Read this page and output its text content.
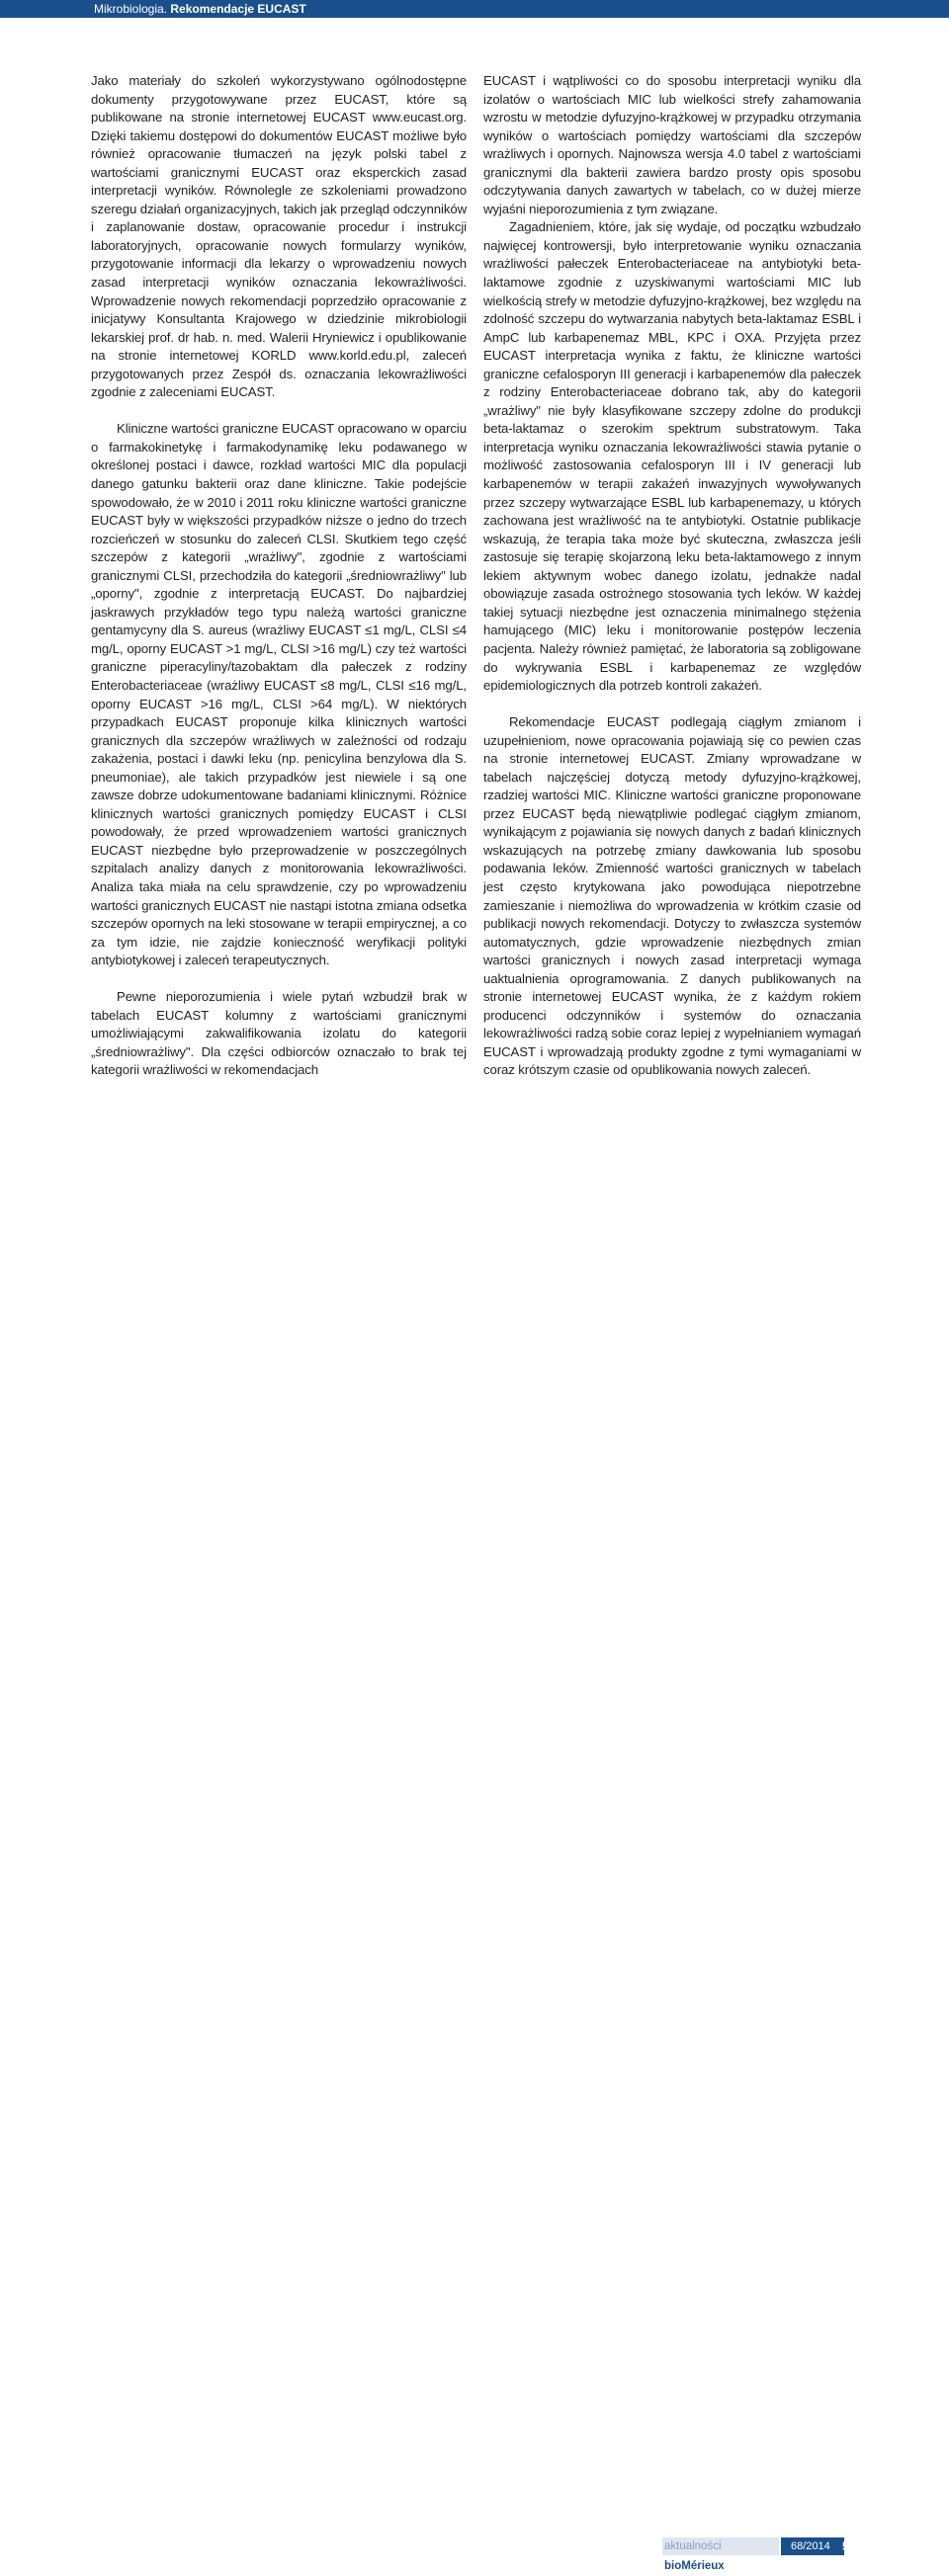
Mikrobiologia. Rekomendacje EUCAST

Jako materiały do szkoleń wykorzystywano ogólnodostępne dokumenty przygotowywane przez EUCAST, które są publikowane na stronie internetowej EUCAST www.eucast.org. Dzięki takiemu dostępowi do dokumentów EUCAST możliwe było również opracowanie tłumaczeń na język polski tabel z wartościami granicznymi EUCAST oraz eksperckich zasad interpretacji wyników. Równolegle ze szkoleniami prowadzono szeregu działań organizacyjnych, takich jak przegląd odczynników i zaplanowanie dostaw, opracowanie procedur i instrukcji laboratoryjnych, opracowanie nowych formularzy wyników, przygotowanie informacji dla lekarzy o wprowadzeniu nowych zasad interpretacji wyników oznaczania lekowrażliwości. Wprowadzenie nowych rekomendacji poprzedziło opracowanie z inicjatywy Konsultanta Krajowego w dziedzinie mikrobiologii lekarskiej prof. dr hab. n. med. Walerii Hryniewicz i opublikowanie na stronie internetowej KORLD www.korld.edu.pl, zaleceń przygotowanych przez Zespół ds. oznaczania lekowrażliwości zgodnie z zaleceniami EUCAST.

Kliniczne wartości graniczne EUCAST opracowano w oparciu o farmakokinetykę i farmakodynamikę leku podawanego w określonej postaci i dawce, rozkład wartości MIC dla populacji danego gatunku bakterii oraz dane kliniczne. Takie podejście spowodowało, że w 2010 i 2011 roku kliniczne wartości graniczne EUCAST były w większości przypadków niższe o jedno do trzech rozcieńczeń w stosunku do zaleceń CLSI. Skutkiem tego część szczepów z kategorii „wrażliwy", zgodnie z wartościami granicznymi CLSI, przechodziła do kategorii „średniowrażliwy" lub „oporny", zgodnie z interpretacją EUCAST. Do najbardziej jaskrawych przykładów tego typu należą wartości graniczne gentamycyny dla S. aureus (wrażliwy EUCAST ≤1 mg/L, CLSI ≤4 mg/L, oporny EUCAST >1 mg/L, CLSI >16 mg/L) czy też wartości graniczne piperacyliny/tazobaktam dla pałeczek z rodziny Enterobacteriaceae (wrażliwy EUCAST ≤8 mg/L, CLSI ≤16 mg/L, oporny EUCAST >16 mg/L, CLSI >64 mg/L). W niektórych przypadkach EUCAST proponuje kilka klinicznych wartości granicznych dla szczepów wrażliwych w zależności od rodzaju zakażenia, postaci i dawki leku (np. penicylina benzylowa dla S. pneumoniae), ale takich przypadków jest niewiele i są one zawsze dobrze udokumentowane badaniami klinicznymi. Różnice klinicznych wartości granicznych pomiędzy EUCAST i CLSI powodowały, że przed wprowadzeniem wartości granicznych EUCAST niezbędne było przeprowadzenie w poszczególnych szpitalach analizy danych z monitorowania lekowrażliwości. Analiza taka miała na celu sprawdzenie, czy po wprowadzeniu wartości granicznych EUCAST nie nastąpi istotna zmiana odsetka szczepów opornych na leki stosowane w terapii empirycznej, a co za tym idzie, nie zajdzie konieczność weryfikacji polityki antybiotykowej i zaleceń terapeutycznych.

Pewne nieporozumienia i wiele pytań wzbudził brak w tabelach EUCAST kolumny z wartościami granicznymi umożliwiającymi zakwalifikowania izolatu do kategorii „średniowrażliwy". Dla części odbiorców oznaczało to brak tej kategorii wrażliwości w rekomendacjach

EUCAST i wątpliwości co do sposobu interpretacji wyniku dla izolatów o wartościach MIC lub wielkości strefy zahamowania wzrostu w metodzie dyfuzyjno-krążkowej w przypadku otrzymania wyników o wartościach pomiędzy wartościami dla szczepów wrażliwych i opornych. Najnowsza wersja 4.0 tabel z wartościami granicznymi dla bakterii zawiera bardzo prosty opis sposobu odczytywania danych zawartych w tabelach, co w dużej mierze wyjaśni nieporozumienia z tym związane.

Zagadnieniem, które, jak się wydaje, od początku wzbudzało najwięcej kontrowersji, było interpretowanie wyniku oznaczania wrażliwości pałeczek Enterobacteriaceae na antybiotyki beta-laktamowe zgodnie z uzyskiwanymi wartościami MIC lub wielkością strefy w metodzie dyfuzyjno-krążkowej, bez względu na zdolność szczepu do wytwarzania nabytych beta-laktamaz ESBL i AmpC lub karbapenemaz MBL, KPC i OXA. Przyjęta przez EUCAST interpretacja wynika z faktu, że kliniczne wartości graniczne cefalosporyn III generacji i karbapenemów dla pałeczek z rodziny Enterobacteriaceae dobrano tak, aby do kategorii „wrażliwy" nie były klasyfikowane szczepy zdolne do produkcji beta-laktamaz o szerokim spektrum substratowym. Taka interpretacja wyniku oznaczania lekowrażliwości stawia pytanie o możliwość zastosowania cefalosporyn III i IV generacji lub karbapenemów w terapii zakażeń inwazyjnych wywoływanych przez szczepy wytwarzające ESBL lub karbapenemazy, u których zachowana jest wrażliwość na te antybiotyki. Ostatnie publikacje wskazują, że terapia taka może być skuteczna, zwłaszcza jeśli zastosuje się terapię skojarzoną leku beta-laktamowego z innym lekiem aktywnym wobec danego izolatu, jednakże nadal obowiązuje zasada ostrożnego stosowania tych leków. W każdej takiej sytuacji niezbędne jest oznaczenia minimalnego stężenia hamującego (MIC) leku i monitorowanie postępów leczenia pacjenta. Należy również pamiętać, że laboratoria są zobligowane do wykrywania ESBL i karbapenemaz ze względów epidemiologicznych dla potrzeb kontroli zakażeń.

Rekomendacje EUCAST podlegają ciągłym zmianom i uzupełnieniom, nowe opracowania pojawiają się co pewien czas na stronie internetowej EUCAST. Zmiany wprowadzane w tabelach najczęściej dotyczą metody dyfuzyjno-krążkowej, rzadziej wartości MIC. Kliniczne wartości graniczne proponowane przez EUCAST będą niewątpliwie podlegać ciągłym zmianom, wynikającym z pojawiania się nowych danych z badań klinicznych wskazujących na potrzebę zmiany dawkowania lub sposobu podawania leków. Zmienność wartości granicznych w tabelach jest często krytykowana jako powodująca niepotrzebne zamieszanie i niemożliwa do wprowadzenia w krótkim czasie od publikacji nowych rekomendacji. Dotyczy to zwłaszcza systemów automatycznych, gdzie wprowadzenie niezbędnych zmian wartości granicznych i nowych zasad interpretacji wymaga uaktualnienia oprogramowania. Z danych publikowanych na stronie internetowej EUCAST wynika, że z każdym rokiem producenci odczynników i systemów do oznaczania lekowrażliwości radzą sobie coraz lepiej z wypełnianiem wymagań EUCAST i wprowadzają produkty zgodne z tymi wymaganiami w coraz krótszym czasie od opublikowania nowych zaleceń.

aktualności bioMérieux
68/2014 5
